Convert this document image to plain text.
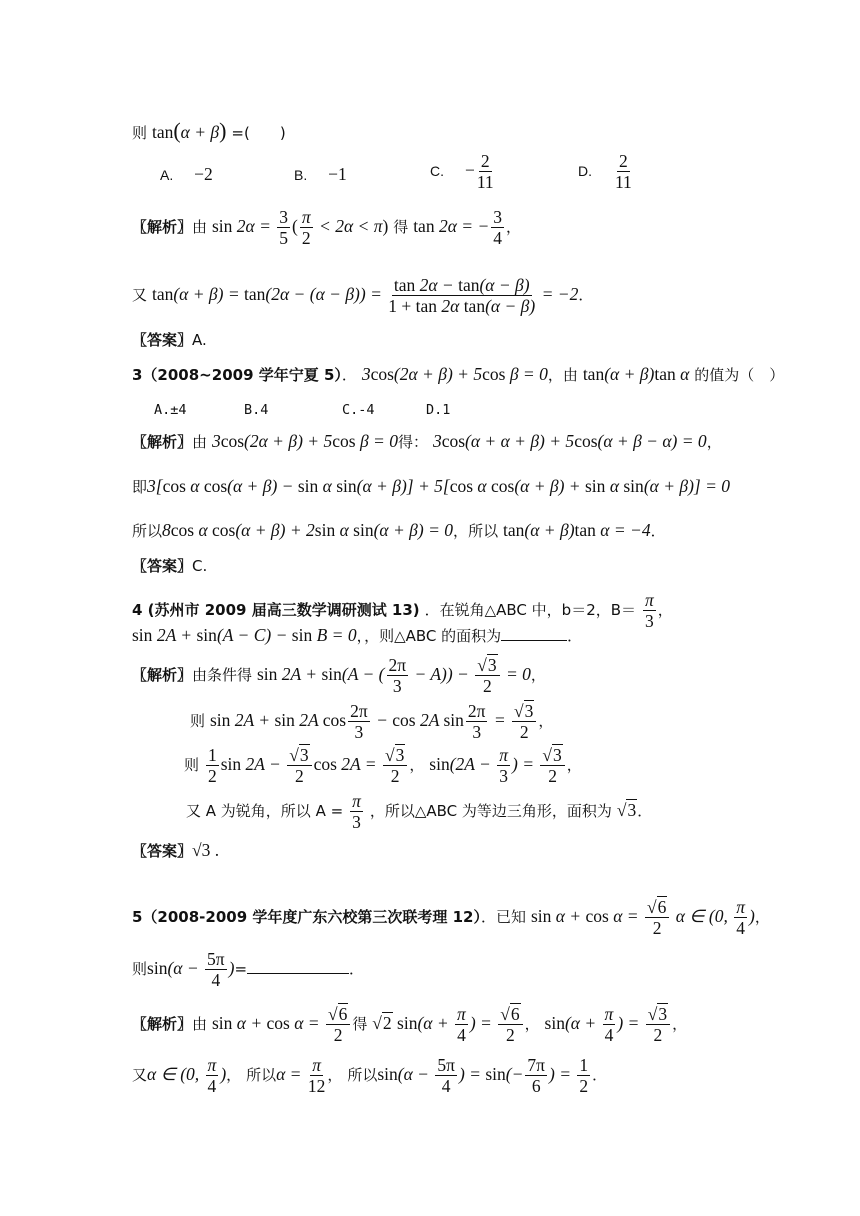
则 tan(α + β) =(　　)
A. −2	B. −1	C. − $\frac{2}{11}$	D. $\frac{2}{11}$
〖解析〗由 $\sin 2\alpha = \frac{3}{5}$ ( $\frac{\pi}{2} < 2\alpha < \pi$) 得 tan 2α = − $\frac{3}{4}$ ，
又 $\tan(\alpha + \beta) = \tan(2\alpha - (\alpha - \beta)) = \frac{\tan 2\alpha - \tan(\alpha - \beta)}{\text{1 + tan 2α tan(α − β)}} = -2$．
〖答案〗A.
3（2008~2009 学年宁夏 5）． 3cos(2α + β) + 5cos β = 0，由 tan(α + β)tan α 的值为（　）
A.±4	B.4	C.-4	D.1
〖解析〗由 3cos(2α + β) + 5cos β = 0得： 3cos(α + α + β) + 5cos(α + β − α) = 0，
即3[cos α cos(α + β) − sin α sin(α + β)] + 5[cos α cos(α + β) + sin α sin(α + β)] = 0
所以8cos α cos(α + β) + 2sin α sin(α + β) = 0，所以 tan(α + β)tan α = −4．
〖答案〗C.
4 (苏州市 2009 届高三数学调研测试 13) ．在锐角△ABC 中，b＝2，$B= \frac{\pi}{3}$ ，
sin 2A + sin(A − C) − sin B = 0，，则△ABC 的面积为	．
〖解析〗由条件得 sin 2A + sin(A − ( $\frac{2\pi}{3} - A)) - \frac{√3}{2} = 0$，
则 sin 2A + sin 2A $\cos \frac{2\pi}{3} - \cos 2A$ $\sin \frac{2\pi}{3} = \frac{√3}{2}$ ，
则 $\frac{1}{2}$ $\sin 2A - \frac{√3}{2}$ $\cos 2A = \frac{√3}{2}$ ， $\sin(2A - \frac{\pi}{3}$ ) = $\frac{√3}{2}$ ，
又 A 为锐角，所以 $A = \frac{\pi}{3}$ ，所以△ABC 为等边三角形，面积为 √3．
〖答案〗√3 .
5（2008-2009 学年度广东六校第三次联考理 12）．已知 $\sin \alpha + \cos \alpha = \frac{√6}{2}$ α ∈ (0, $\frac{\pi}{4}$ )，
则$\sin(\alpha - \frac{5\pi}{4}$ )=	．
〖解析〗由 $\sin \alpha + \cos \alpha = \frac{√6}{2}$ 得 √2 $\sin(\alpha + \frac{\pi}{4}$ ) = $\frac{√6}{2}$ ， $\sin(\alpha + \frac{\pi}{4}$ ) = $\frac{√3}{2}$ ，
又α ∈ (0, $\frac{\pi}{4}$ )， 所以$\alpha = \frac{\pi}{12}$ ， 所以$\sin(\alpha - \frac{5\pi}{4}$ ) = $\sin(- \frac{7\pi}{6}$ ) = $\frac{1}{2}$ ．
